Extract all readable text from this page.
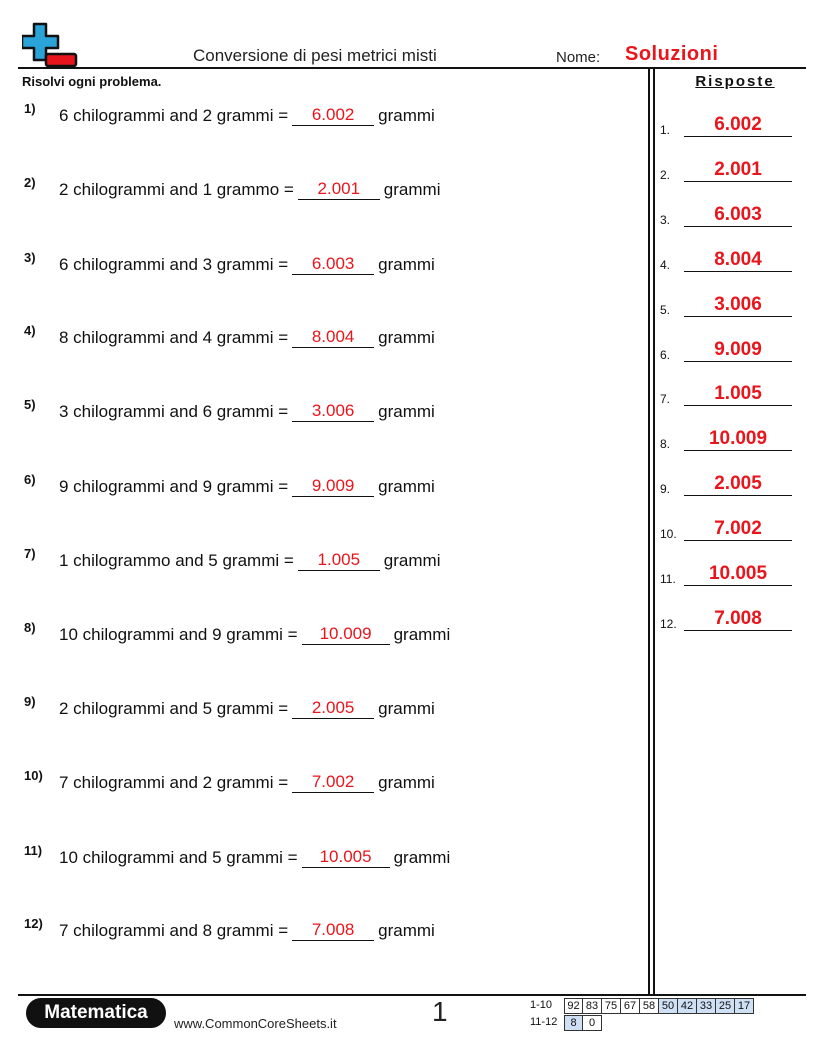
Conversione di pesi metrici misti	Nome: Soluzioni
Risolvi ogni problema.	Risposte
1)	6 chilogrammi and 2 grammi =	6.002	grammi
2)	2 chilogrammi and 1 grammo =	2.001	grammi
3)	6 chilogrammi and 3 grammi =	6.003	grammi
4)	8 chilogrammi and 4 grammi =	8.004	grammi
5)	3 chilogrammi and 6 grammi =	3.006	grammi
6)	9 chilogrammi and 9 grammi =	9.009	grammi
7)	1 chilogrammo and 5 grammi =	1.005	grammi
8)	10 chilogrammi and 9 grammi =	10.009	grammi
9)	2 chilogrammi and 5 grammi =	2.005	grammi
10) 7 chilogrammi and 2 grammi =	7.002	grammi
11) 10 chilogrammi and 5 grammi =	10.005	grammi
12) 7 chilogrammi and 8 grammi =	7.008	grammi
1.	6.002
2.	2.001
3.	6.003
4.	8.004
5.	3.006
6.	9.009
7.	1.005
8.	10.009
9.	2.005
10.	7.002
11.	10.005
12.	7.008
Matematica
www.CommonCoreSheets.it	1	1-10	92 83 75 67 58 50 42 33 25 17
11-12	8	0
